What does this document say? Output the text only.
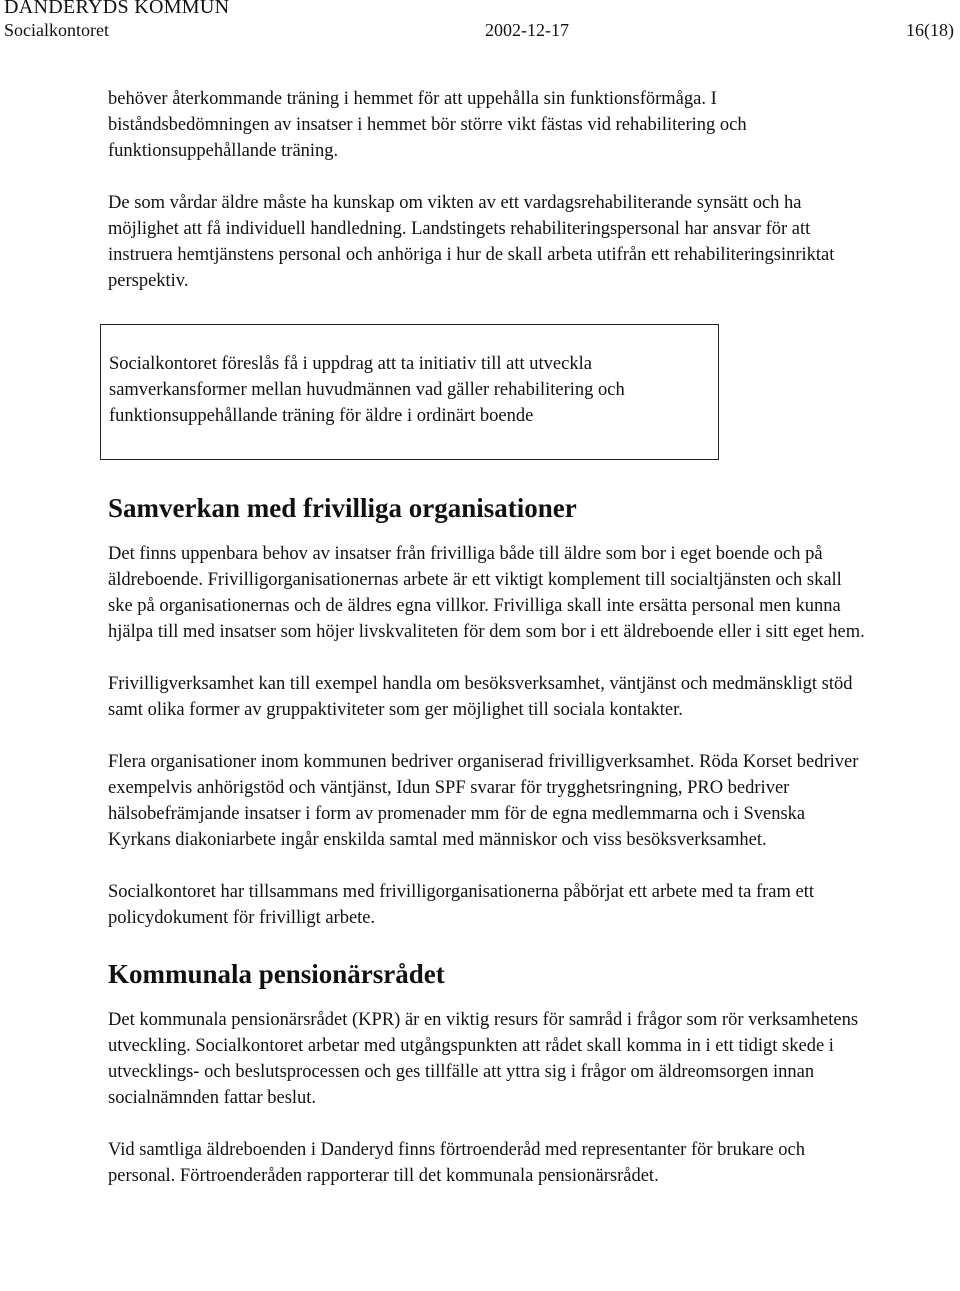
DANDERYDS KOMMUN
Socialkontoret	2002-12-17	16(18)

behöver återkommande träning i hemmet för att uppehålla sin funktionsförmåga. I biståndsbedömningen av insatser i hemmet bör större vikt fästas vid rehabilitering och funktionsuppehållande träning.

De som vårdar äldre måste ha kunskap om vikten av ett vardagsrehabiliterande synsätt och ha möjlighet att få individuell handledning. Landstingets rehabiliteringspersonal har ansvar för att instruera hemtjänstens personal och anhöriga i hur de skall arbeta utifrån ett rehabiliteringsinriktat perspektiv.

Socialkontoret föreslås få i uppdrag att ta initiativ till att utveckla samverkansformer mellan huvudmännen vad gäller rehabilitering och funktionsuppehållande träning för äldre i ordinärt boende

Samverkan med frivilliga organisationer

Det finns uppenbara behov av insatser från frivilliga både till äldre som bor i eget boende och på äldreboende. Frivilligorganisationernas arbete är ett viktigt komplement till socialtjänsten och skall ske på organisationernas och de äldres egna villkor. Frivilliga skall inte ersätta personal men kunna hjälpa till med insatser som höjer livskvaliteten för dem som bor i ett äldreboende eller i sitt eget hem.

Frivilligverksamhet kan till exempel handla om besöksverksamhet, väntjänst och medmänskligt stöd samt olika former av gruppaktiviteter som ger möjlighet till sociala kontakter.

Flera organisationer inom kommunen bedriver organiserad frivilligverksamhet. Röda Korset bedriver exempelvis anhörigstöd och väntjänst, Idun SPF svarar för trygghetsringning, PRO bedriver hälsobefrämjande insatser i form av promenader mm för de egna medlemmarna och i Svenska Kyrkans diakoniarbete ingår enskilda samtal med människor och viss besöksverksamhet.

Socialkontoret har tillsammans med frivilligorganisationerna påbörjat ett arbete med ta fram ett policydokument för frivilligt arbete.

Kommunala pensionärsrådet

Det kommunala pensionärsrådet (KPR) är en viktig resurs för samråd i frågor som rör verksamhetens utveckling. Socialkontoret arbetar med utgångspunkten att rådet skall komma in i ett tidigt skede i utvecklings- och beslutsprocessen och ges tillfälle att yttra sig i frågor om äldreomsorgen innan socialnämnden fattar beslut.

Vid samtliga äldreboenden i Danderyd finns förtroenderåd med representanter för brukare och personal. Förtroenderåden rapporterar till det kommunala pensionärsrådet.
